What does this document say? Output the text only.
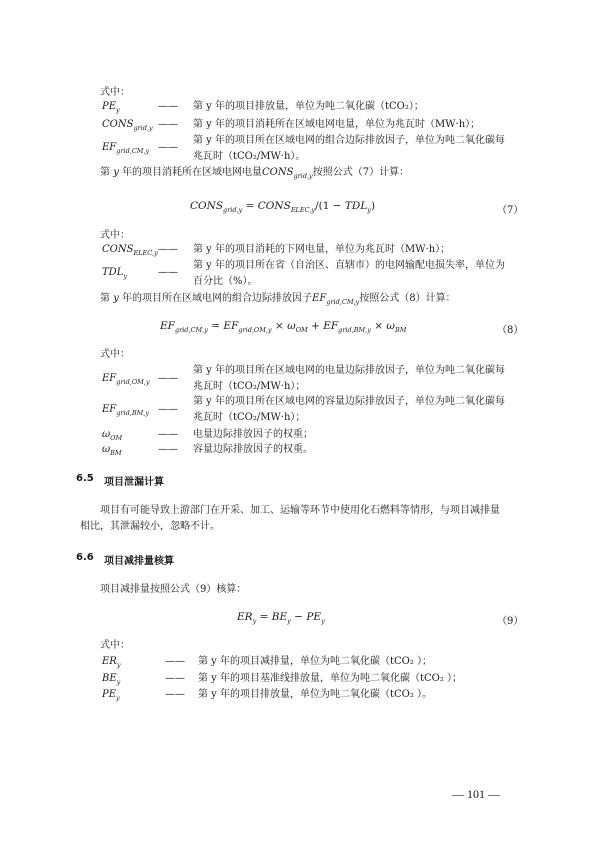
式中：
$PE_y$	—— 第 y 年的项目排放量，单位为吨二氧化碳（tCO₂）；
$CONS_{grid,y}$ —— 第 y 年的项目消耗所在区域电网电量，单位为兆瓦时（MW·h）；
$EF_{grid,CM,y}$ ——
第 y 年的项目所在区域电网的组合边际排放因子，单位为吨二氧化碳每
兆瓦时（tCO₂/MW·h）。
第 y 年的项目消耗所在区域电网电量$CONS_{grid,y}$按照公式（7）计算：
$CONS_{grid,y}$ = $CONS_{ELEC,y}/(1 - TDL_y)$	（7）
式中：
$CONS_{ELEC,y}$ —— 第 y 年的项目消耗的下网电量，单位为兆瓦时（MW·h）；
$TDL_y$	——
第 y 年的项目所在省（自治区、直辖市）的电网输配电损失率，单位为
百分比（%）。
第 y 年的项目所在区域电网的组合边际排放因子$EF_{grid,CM,y}$按照公式（8）计算：
$EF_{grid,CM,y} = EF_{grid,OM,y} \times \omega_{OM} + EF_{grid,BM,y} \times \omega_{BM}$	（8）
式中：
$EF_{grid,OM,y}$ ——
第 y 年的项目所在区域电网的电量边际排放因子，单位为吨二氧化碳每
兆瓦时（tCO₂/MW·h）；
$EF_{grid,BM,y}$ ——
第 y 年的项目所在区域电网的容量边际排放因子，单位为吨二氧化碳每
兆瓦时（tCO₂/MW·h）；
$\omega_{OM}$	—— 电量边际排放因子的权重；
$\omega_{BM}$	—— 容量边际排放因子的权重。
6.5 项目泄漏计算
项目有可能导致上游部门在开采、加工、运输等环节中使用化石燃料等情形，与项目减排量
相比，其泄漏较小，忽略不计。
6.6 项目减排量核算
项目减排量按照公式（9）核算：
$ER_y = BE_y - PE_y$	（9）
式中：
$ER_y$	—— 第 y 年的项目减排量，单位为吨二氧化碳（tCO₂ ）；
$BE_y$	—— 第 y 年的项目基准线排放量，单位为吨二氧化碳（tCO₂ ）；
$PE_y$	—— 第 y 年的项目排放量，单位为吨二氧化碳（tCO₂ ）。
— 101 —
